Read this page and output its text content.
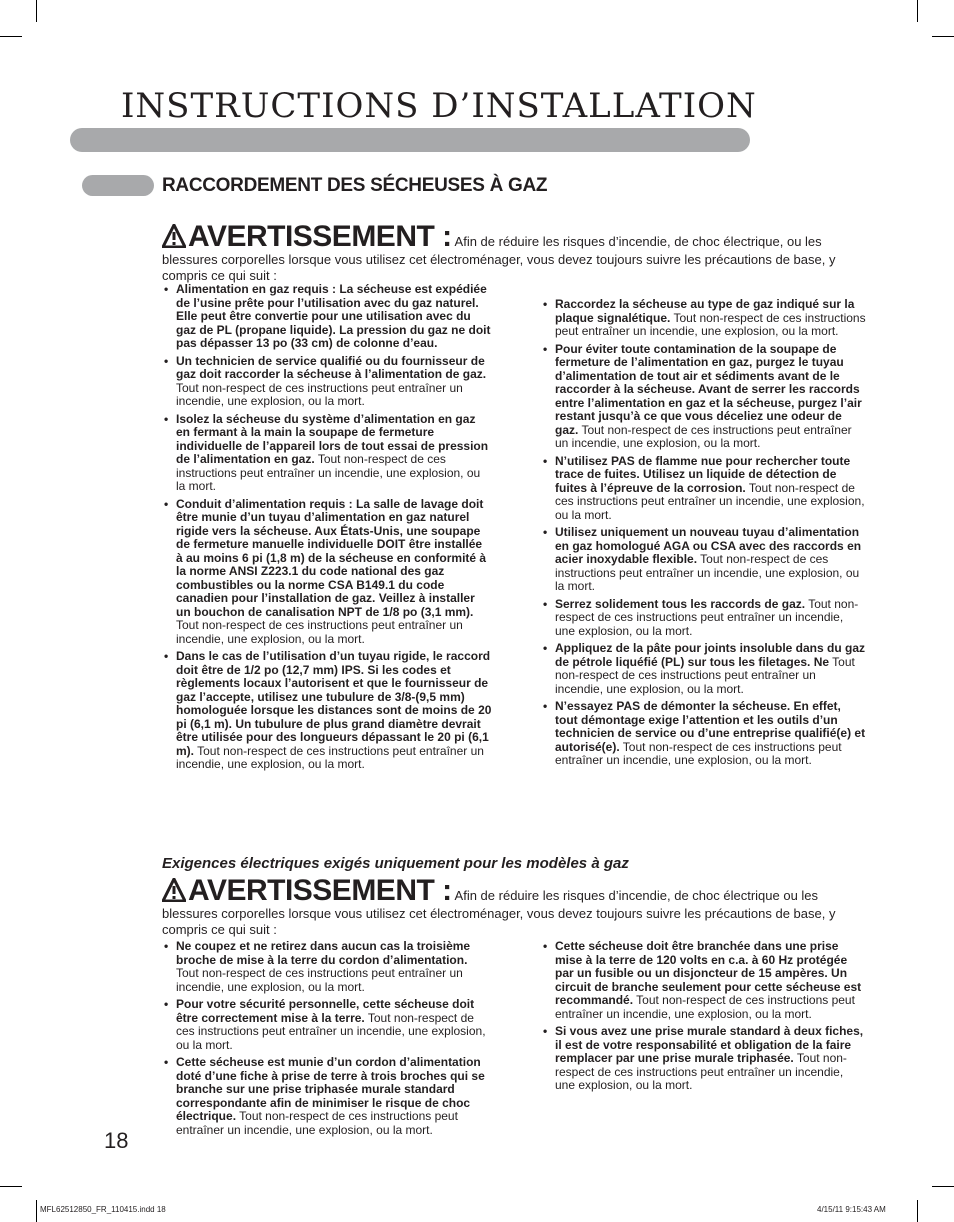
INSTRUCTIONS D’INSTALLATION
RACCORDEMENT DES SÉCHEUSES À GAZ
AVERTISSEMENT : Afin de réduire les risques d’incendie, de choc électrique, ou les blessures corporelles lorsque vous utilisez cet électroménager, vous devez toujours suivre les précautions de base, y compris ce qui suit :
• Alimentation en gaz requis : La sécheuse est expédiée de l’usine prête pour l’utilisation avec du gaz naturel. Elle peut être convertie pour une utilisation avec du gaz de PL (propane liquide). La pression du gaz ne doit pas dépasser 13 po (33 cm) de colonne d’eau.
• Un technicien de service qualifié ou du fournisseur de gaz doit raccorder la sécheuse à l’alimentation de gaz. Tout non-respect de ces instructions peut entraîner un incendie, une explosion, ou la mort.
• Isolez la sécheuse du système d’alimentation en gaz en fermant à la main la soupape de fermeture individuelle de l’appareil lors de tout essai de pression de l’alimentation en gaz. Tout non-respect de ces instructions peut entraîner un incendie, une explosion, ou la mort.
• Conduit d’alimentation requis : La salle de lavage doit être munie d’un tuyau d’alimentation en gaz naturel rigide vers la sécheuse. Aux États-Unis, une soupape de fermeture manuelle individuelle DOIT être installée à au moins 6 pi (1,8 m) de la sécheuse en conformité à la norme ANSI Z223.1 du code national des gaz combustibles ou la norme CSA B149.1 du code canadien pour l’installation de gaz. Veillez à installer un bouchon de canalisation NPT de 1/8 po (3,1 mm). Tout non-respect de ces instructions peut entraîner un incendie, une explosion, ou la mort.
• Dans le cas de l’utilisation d’un tuyau rigide, le raccord doit être de 1/2 po (12,7 mm) IPS. Si les codes et règlements locaux l’autorisent et que le fournisseur de gaz l’accepte, utilisez une tubulure de 3/8-(9,5 mm) homologuée lorsque les distances sont de moins de 20 pi (6,1 m). Un tubulure de plus grand diamètre devrait être utilisée pour des longueurs dépassant le 20 pi (6,1 m). Tout non-respect de ces instructions peut entraîner un incendie, une explosion, ou la mort.
• Raccordez la sécheuse au type de gaz indiqué sur la plaque signalétique. Tout non-respect de ces instructions peut entraîner un incendie, une explosion, ou la mort.
• Pour éviter toute contamination de la soupape de fermeture de l’alimentation en gaz, purgez le tuyau d’alimentation de tout air et sédiments avant de le raccorder à la sécheuse. Avant de serrer les raccords entre l’alimentation en gaz et la sécheuse, purgez l’air restant jusqu’à ce que vous déceliez une odeur de gaz. Tout non-respect de ces instructions peut entraîner un incendie, une explosion, ou la mort.
• N’utilisez PAS de flamme nue pour rechercher toute trace de fuites. Utilisez un liquide de détection de fuites à l’épreuve de la corrosion. Tout non-respect de ces instructions peut entraîner un incendie, une explosion, ou la mort.
• Utilisez uniquement un nouveau tuyau d’alimentation en gaz homologué AGA ou CSA avec des raccords en acier inoxydable flexible. Tout non-respect de ces instructions peut entraîner un incendie, une explosion, ou la mort.
• Serrez solidement tous les raccords de gaz. Tout non-respect de ces instructions peut entraîner un incendie, une explosion, ou la mort.
• Appliquez de la pâte pour joints insoluble dans du gaz de pétrole liquéfié (PL) sur tous les filetages. Ne Tout non-respect de ces instructions peut entraîner un incendie, une explosion, ou la mort.
• N’essayez PAS de démonter la sécheuse. En effet, tout démontage exige l’attention et les outils d’un technicien de service ou d’une entreprise qualifié(e) et autorisé(e). Tout non-respect de ces instructions peut entraîner un incendie, une explosion, ou la mort.
Exigences électriques exigés uniquement pour les modèles à gaz
AVERTISSEMENT : Afin de réduire les risques d’incendie, de choc électrique ou les blessures corporelles lorsque vous utilisez cet électroménager, vous devez toujours suivre les précautions de base, y compris ce qui suit :
• Ne coupez et ne retirez dans aucun cas la troisième broche de mise à la terre du cordon d’alimentation. Tout non-respect de ces instructions peut entraîner un incendie, une explosion, ou la mort.
• Pour votre sécurité personnelle, cette sécheuse doit être correctement mise à la terre. Tout non-respect de ces instructions peut entraîner un incendie, une explosion, ou la mort.
• Cette sécheuse est munie d’un cordon d’alimentation doté d’une fiche à prise de terre à trois broches qui se branche sur une prise triphasée murale standard correspondante afin de minimiser le risque de choc électrique. Tout non-respect de ces instructions peut entraîner un incendie, une explosion, ou la mort.
• Cette sécheuse doit être branchée dans une prise mise à la terre de 120 volts en c.a. à 60 Hz protégée par un fusible ou un disjoncteur de 15 ampères. Un circuit de branche seulement pour cette sécheuse est recommandé. Tout non-respect de ces instructions peut entraîner un incendie, une explosion, ou la mort.
• Si vous avez une prise murale standard à deux fiches, il est de votre responsabilité et obligation de la faire remplacer par une prise murale triphasée. Tout non-respect de ces instructions peut entraîner un incendie, une explosion, ou la mort.
18
MFL62512850_FR_110415.indd 18	4/15/11 9:15:43 AM
